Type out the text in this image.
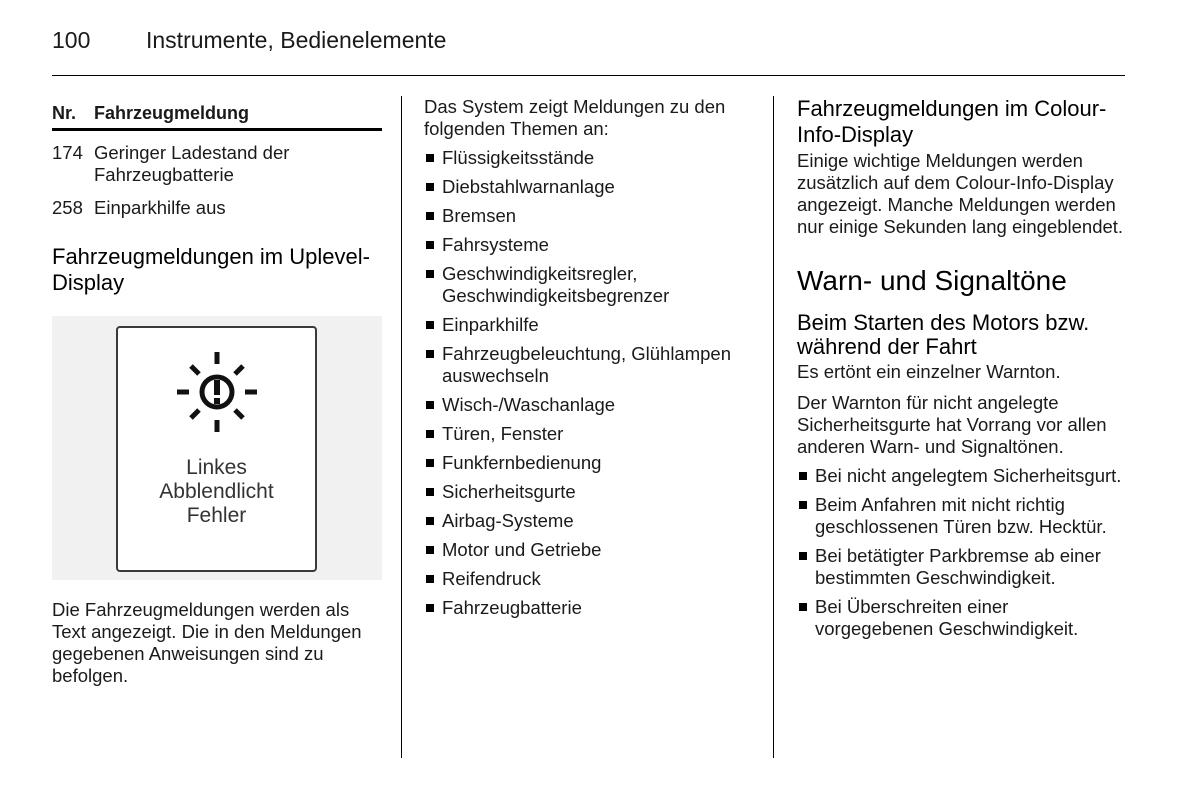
100 Instrumente, Bedienelemente
Nr. Fahrzeugmeldung
174 Geringer Ladestand der Fahrzeugbatterie
258 Einparkhilfe aus
Fahrzeugmeldungen im Uplevel-Display
Linkes
Abblendlicht
Fehler

Die Fahrzeugmeldungen werden als Text angezeigt. Die in den Meldungen gegebenen Anweisungen sind zu befolgen.

Das System zeigt Meldungen zu den folgenden Themen an:

Flüssigkeitsstände
Diebstahlwarnanlage
Bremsen
Fahrsysteme
Geschwindigkeitsregler, Geschwindigkeitsbegrenzer
Einparkhilfe
Fahrzeugbeleuchtung, Glühlampen auswechseln
Wisch-/Waschanlage
Türen, Fenster
Funkfernbedienung
Sicherheitsgurte
Airbag-Systeme
Motor und Getriebe
Reifendruck
Fahrzeugbatterie
Fahrzeugmeldungen im Colour-Info-Display

Einige wichtige Meldungen werden zusätzlich auf dem Colour-Info-Display angezeigt. Manche Meldungen werden nur einige Sekunden lang eingeblendet.

Warn- und Signaltöne
Beim Starten des Motors bzw. während der Fahrt

Es ertönt ein einzelner Warnton.

Der Warnton für nicht angelegte Sicherheitsgurte hat Vorrang vor allen anderen Warn- und Signaltönen.

Bei nicht angelegtem Sicherheitsgurt.
Beim Anfahren mit nicht richtig geschlossenen Türen bzw. Hecktür.
Bei betätigter Parkbremse ab einer bestimmten Geschwindigkeit.
Bei Überschreiten einer vorgegebenen Geschwindigkeit.
